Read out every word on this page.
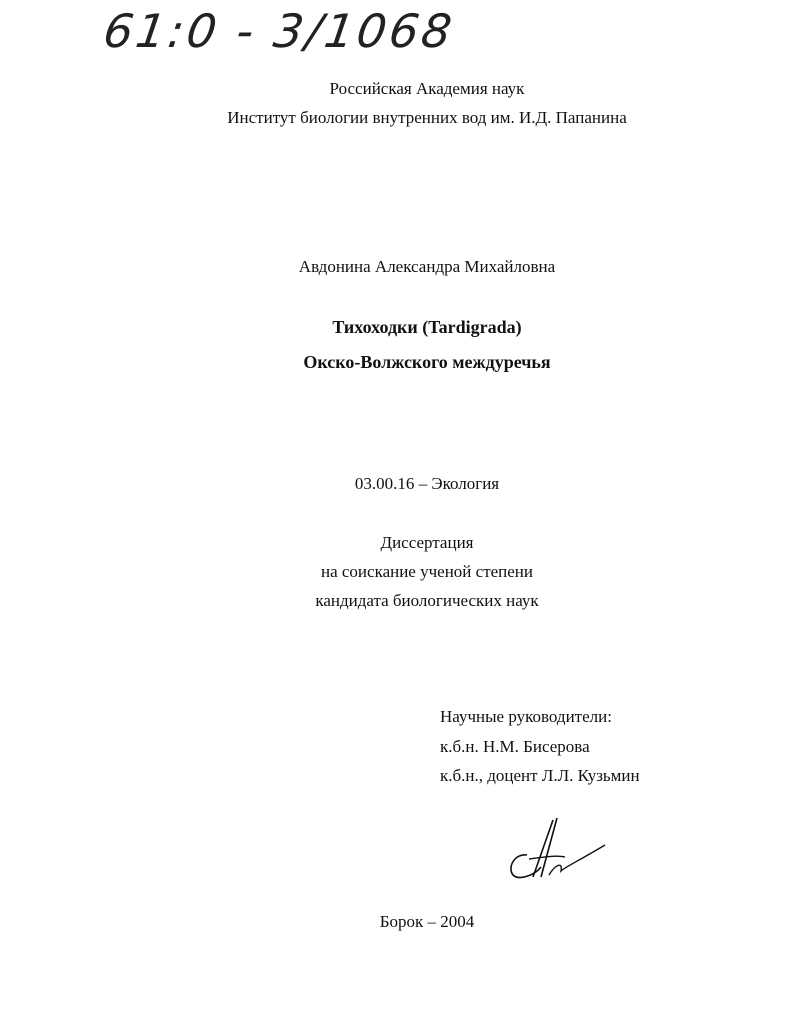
61:0 - 3/1068
Российская Академия наук
Институт биологии внутренних вод им. И.Д. Папанина
Авдонина Александра Михайловна
Тихоходки (Tardigrada)
Окско-Волжского междуречья
03.00.16 – Экология
Диссертация
на соискание ученой степени
кандидата биологических наук
Научные руководители:
к.б.н. Н.М. Бисерова
к.б.н., доцент Л.Л. Кузьмин
Борок – 2004
